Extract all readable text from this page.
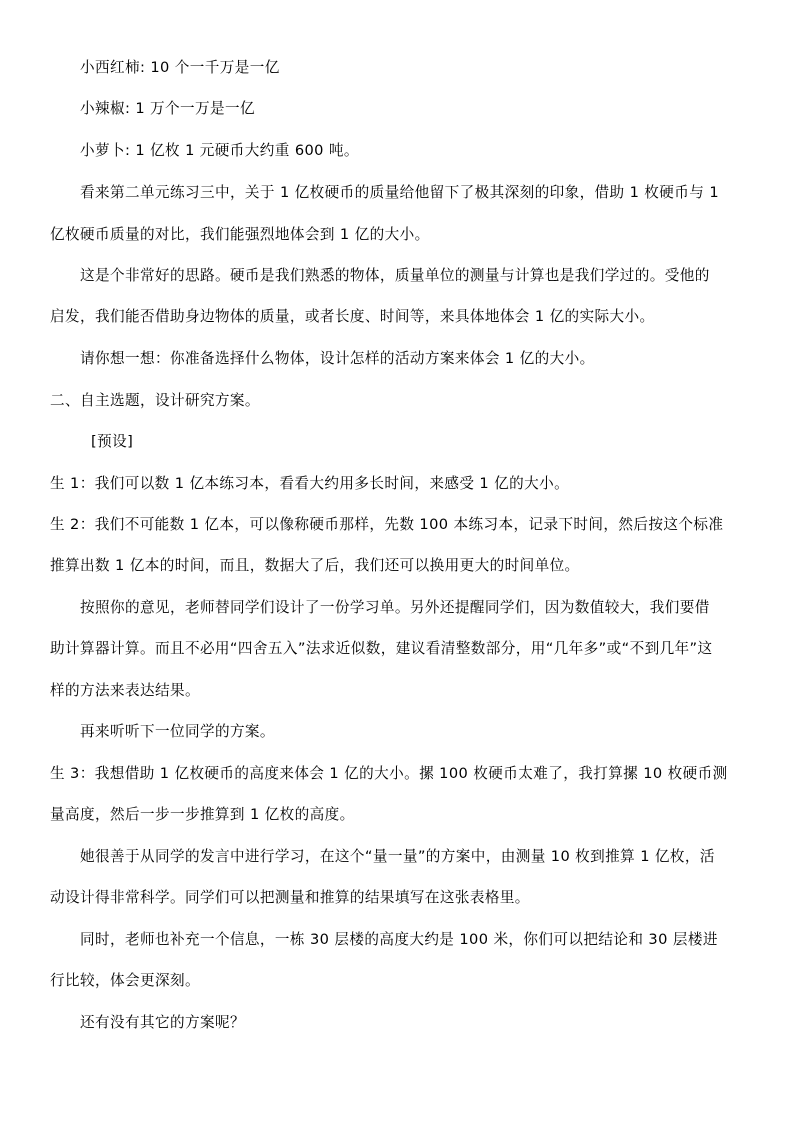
小西红柿: 10 个一千万是一亿
小辣椒: 1 万个一万是一亿
小萝卜: 1 亿枚 1 元硬币大约重 600 吨。
看来第二单元练习三中，关于 1 亿枚硬币的质量给他留下了极其深刻的印象，借助 1 枚硬币与 1
亿枚硬币质量的对比，我们能强烈地体会到 1 亿的大小。
这是个非常好的思路。硬币是我们熟悉的物体，质量单位的测量与计算也是我们学过的。受他的
启发，我们能否借助身边物体的质量，或者长度、时间等，来具体地体会 1 亿的实际大小。
请你想一想：你准备选择什么物体，设计怎样的活动方案来体会 1 亿的大小。
二、自主选题，设计研究方案。
[预设]
生 1：我们可以数 1 亿本练习本，看看大约用多长时间，来感受 1 亿的大小。
生 2：我们不可能数 1 亿本，可以像称硬币那样，先数 100 本练习本，记录下时间，然后按这个标准
推算出数 1 亿本的时间，而且，数据大了后，我们还可以换用更大的时间单位。
按照你的意见，老师替同学们设计了一份学习单。另外还提醒同学们，因为数值较大，我们要借
助计算器计算。而且不必用“四舍五入”法求近似数，建议看清整数部分，用“几年多”或“不到几年”这
样的方法来表达结果。
再来听听下一位同学的方案。
生 3：我想借助 1 亿枚硬币的高度来体会 1 亿的大小。摞 100 枚硬币太难了，我打算摞 10 枚硬币测
量高度，然后一步一步推算到 1 亿枚的高度。
她很善于从同学的发言中进行学习，在这个“量一量”的方案中，由测量 10 枚到推算 1 亿枚，活
动设计得非常科学。同学们可以把测量和推算的结果填写在这张表格里。
同时，老师也补充一个信息，一栋 30 层楼的高度大约是 100 米，你们可以把结论和 30 层楼进
行比较，体会更深刻。
还有没有其它的方案呢？
